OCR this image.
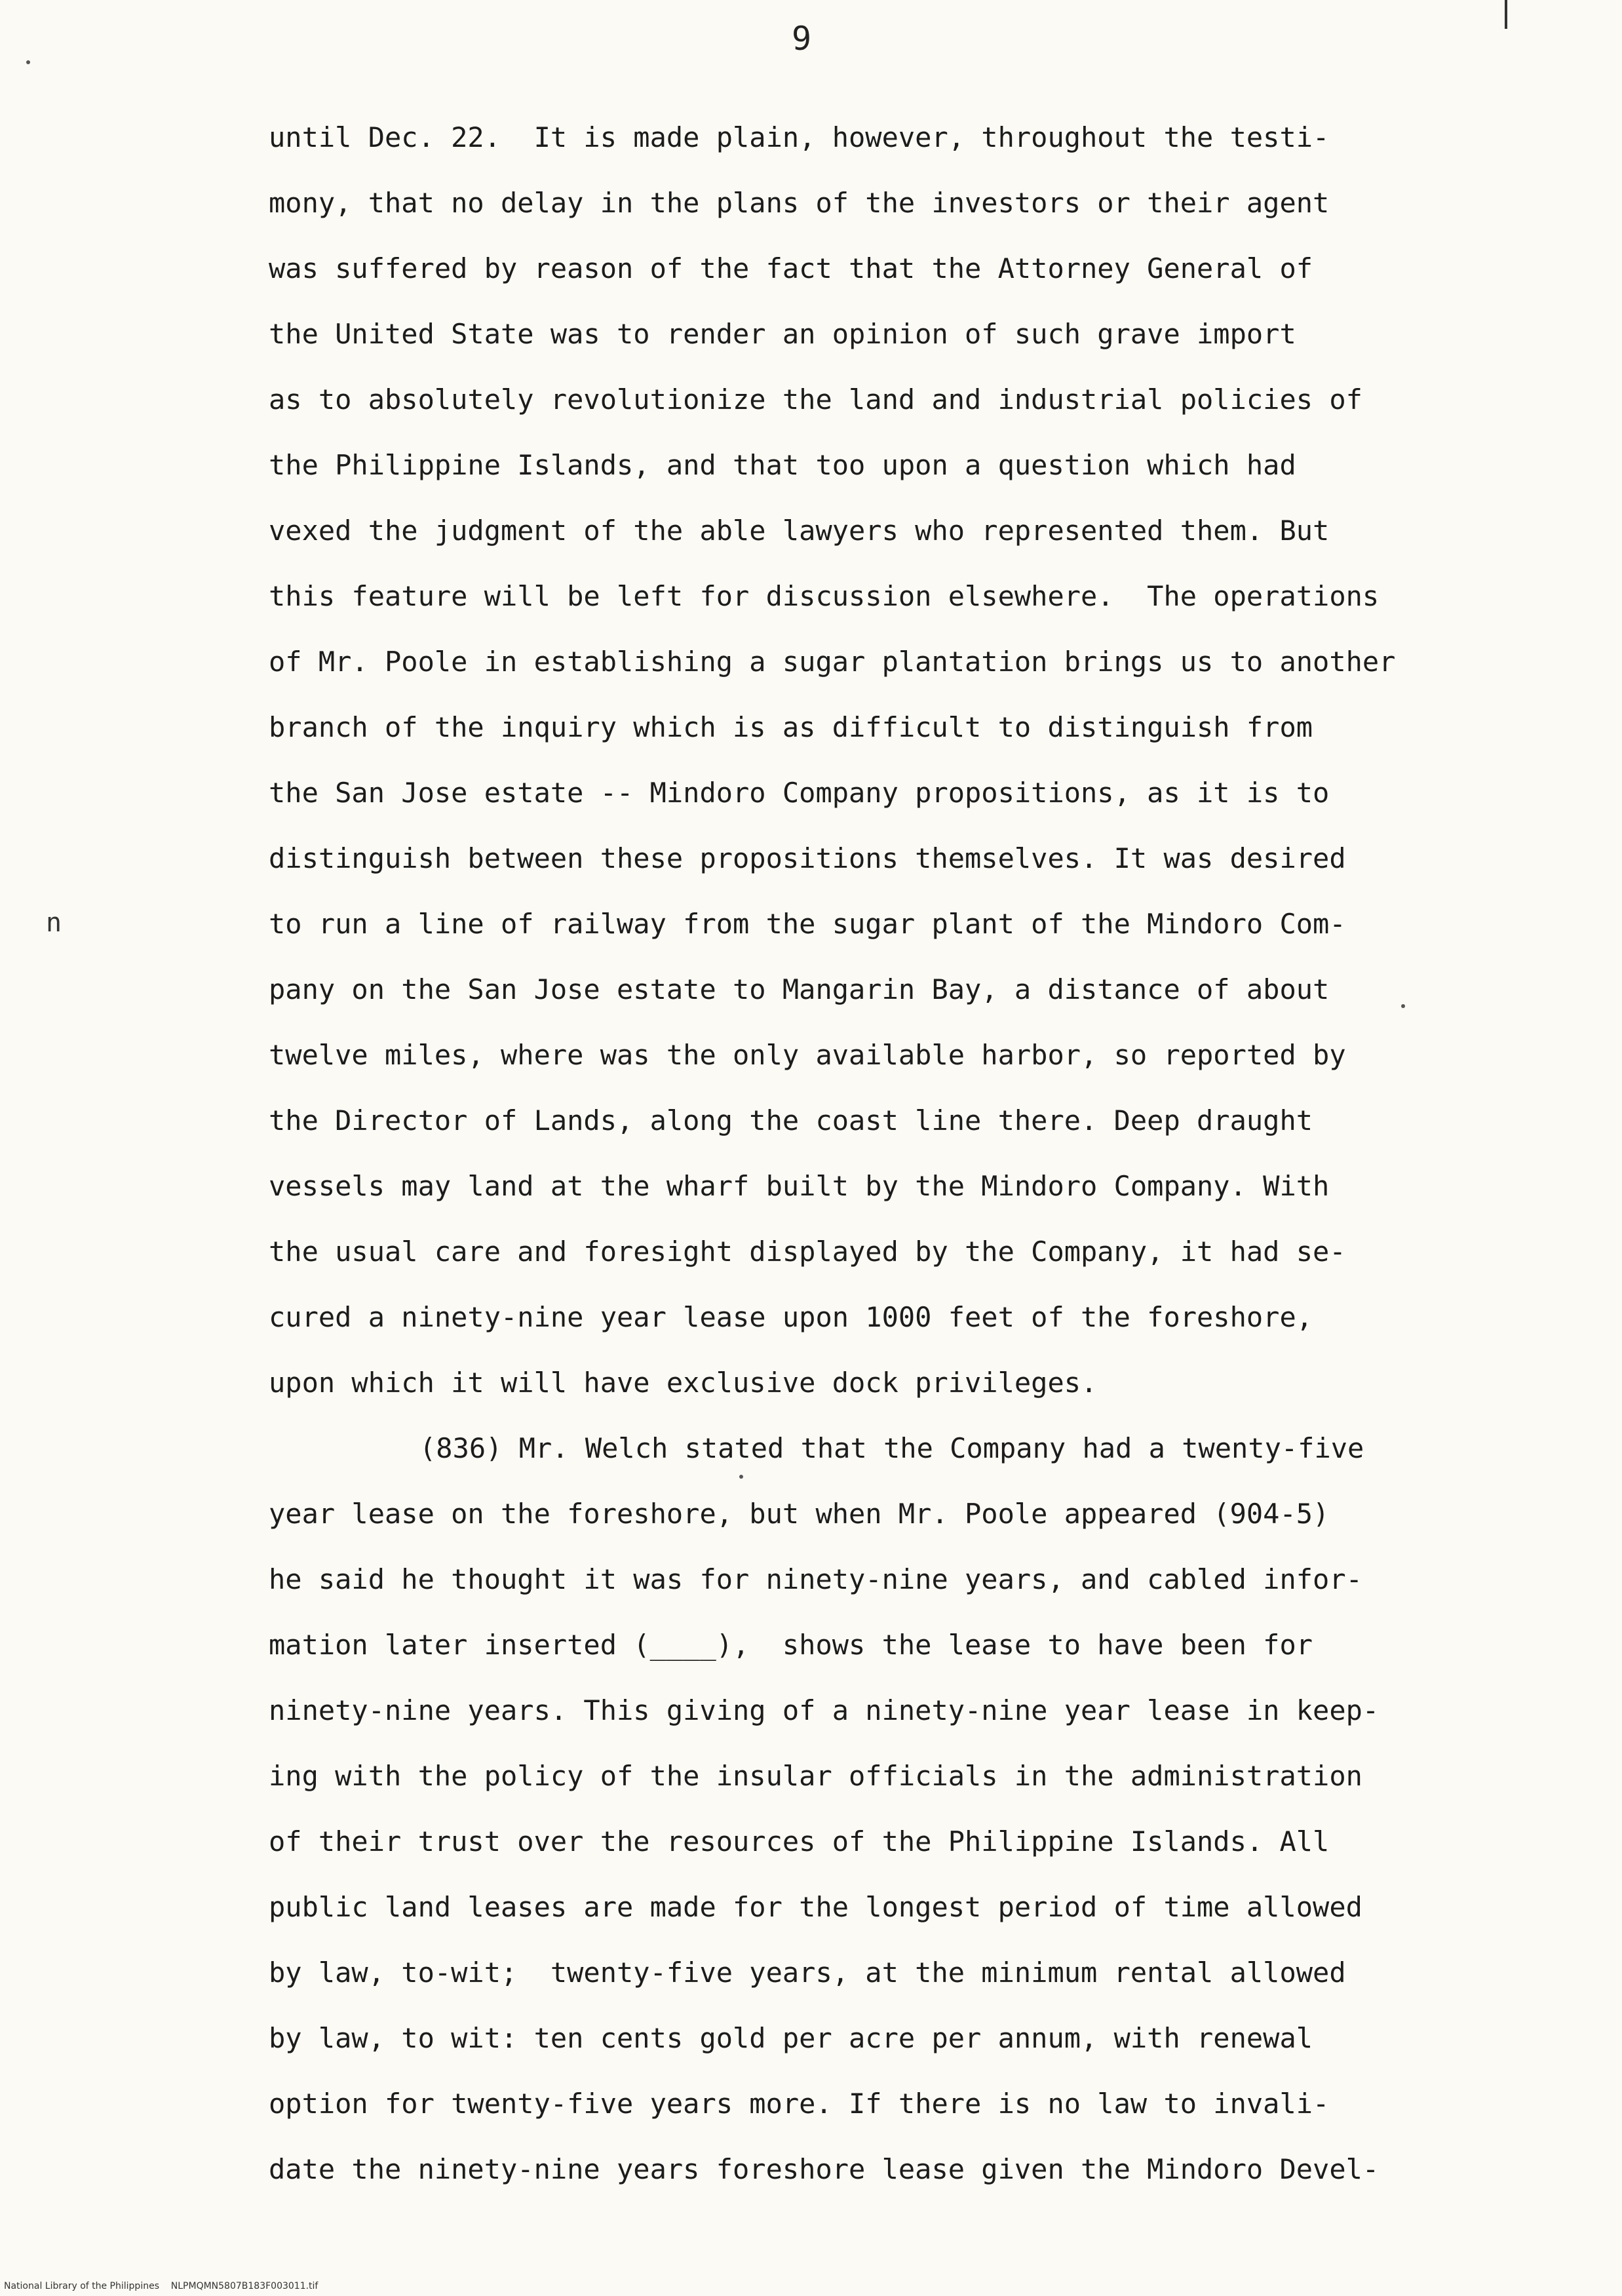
9
n
until Dec. 22.  It is made plain, however, throughout the testi-
mony, that no delay in the plans of the investors or their agent
was suffered by reason of the fact that the Attorney General of
the United State was to render an opinion of such grave import
as to absolutely revolutionize the land and industrial policies of
the Philippine Islands, and that too upon a question which had
vexed the judgment of the able lawyers who represented them. But
this feature will be left for discussion elsewhere.  The operations
of Mr. Poole in establishing a sugar plantation brings us to another
branch of the inquiry which is as difficult to distinguish from
the San Jose estate -- Mindoro Company propositions, as it is to
distinguish between these propositions themselves. It was desired
to run a line of railway from the sugar plant of the Mindoro Com-
pany on the San Jose estate to Mangarin Bay, a distance of about
twelve miles, where was the only available harbor, so reported by
the Director of Lands, along the coast line there. Deep draught
vessels may land at the wharf built by the Mindoro Company. With
the usual care and foresight displayed by the Company, it had se-
cured a ninety-nine year lease upon 1000 feet of the foreshore,
upon which it will have exclusive dock privileges.
(836) Mr. Welch stated that the Company had a twenty-five
year lease on the foreshore, but when Mr. Poole appeared (904-5)
he said he thought it was for ninety-nine years, and cabled infor-
mation later inserted (____),  shows the lease to have been for
ninety-nine years. This giving of a ninety-nine year lease in keep-
ing with the policy of the insular officials in the administration
of their trust over the resources of the Philippine Islands. All
public land leases are made for the longest period of time allowed
by law, to-wit;  twenty-five years, at the minimum rental allowed
by law, to wit: ten cents gold per acre per annum, with renewal
option for twenty-five years more. If there is no law to invali-
date the ninety-nine years foreshore lease given the Mindoro Devel-
National Library of the Philippines    NLPMQMN5807B183F003011.tif
